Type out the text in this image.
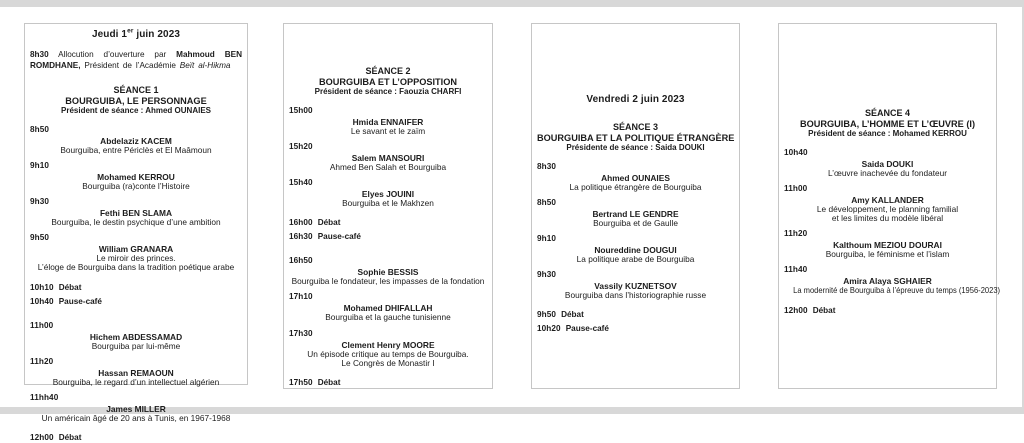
Jeudi 1er juin 2023

8h30 Allocution d’ouverture par Mahmoud BEN ROMDHANE, Président de l’Académie Beït al-Hikma

SÉANCE 1
BOURGUIBA, LE PERSONNAGE
Président de séance : Ahmed OUNAIES
8h50
Abdelaziz KACEM
Bourguiba, entre Périclès et El Maâmoun
9h10
Mohamed KERROU
Bourguiba (ra)conte l’Histoire
9h30
Fethi BEN SLAMA
Bourguiba, le destin psychique d’une ambition
9h50
William GRANARA
Le miroir des princes.
L’éloge de Bourguiba dans la tradition poétique arabe
10h10 Débat
10h40 Pause-café
11h00
Hichem ABDESSAMAD
Bourguiba par lui-même
11h20
Hassan REMAOUN
Bourguiba, le regard d’un intellectuel algérien
11hh40
James MILLER
Un américain âgé de 20 ans à Tunis, en 1967-1968
12h00 Débat
SÉANCE 2
BOURGUIBA ET L’OPPOSITION
Président de séance : Faouzia CHARFI
15h00
Hmida ENNAIFER
Le savant et le zaïm
15h20
Salem MANSOURI
Ahmed Ben Salah et Bourguiba
15h40
Elyes JOUINI
Bourguiba et le Makhzen
16h00 Débat
16h30 Pause-café
16h50
Sophie BESSIS
Bourguiba le fondateur, les impasses de la fondation
17h10
Mohamed DHIFALLAH
Bourguiba et la gauche tunisienne
17h30
Clement Henry MOORE
Un épisode critique au temps de Bourguiba.
Le Congrès de Monastir I
17h50 Débat
Vendredi 2 juin 2023
SÉANCE 3
BOURGUIBA ET LA POLITIQUE ÉTRANGÈRE
Présidente de séance : Saida DOUKI
8h30
Ahmed OUNAIES
La politique étrangère de Bourguiba
8h50
Bertrand LE GENDRE
Bourguiba et de Gaulle
9h10
Noureddine DOUGUI
La politique arabe de Bourguiba
9h30
Vassily KUZNETSOV
Bourguiba dans l’historiographie russe
9h50 Débat
10h20 Pause-café
SÉANCE 4
BOURGUIBA, L’HOMME ET L’ŒUVRE (I)
Président de séance : Mohamed KERROU
10h40
Saida DOUKI
L’œuvre inachevée du fondateur
11h00
Amy KALLANDER
Le développement, le planning familial
et les limites du modèle libéral
11h20
Kalthoum MEZIOU DOURAI
Bourguiba, le féminisme et l’islam
11h40
Amira Alaya SGHAIER
La modernité de Bourguiba à l’épreuve du temps (1956-2023)
12h00 Débat
